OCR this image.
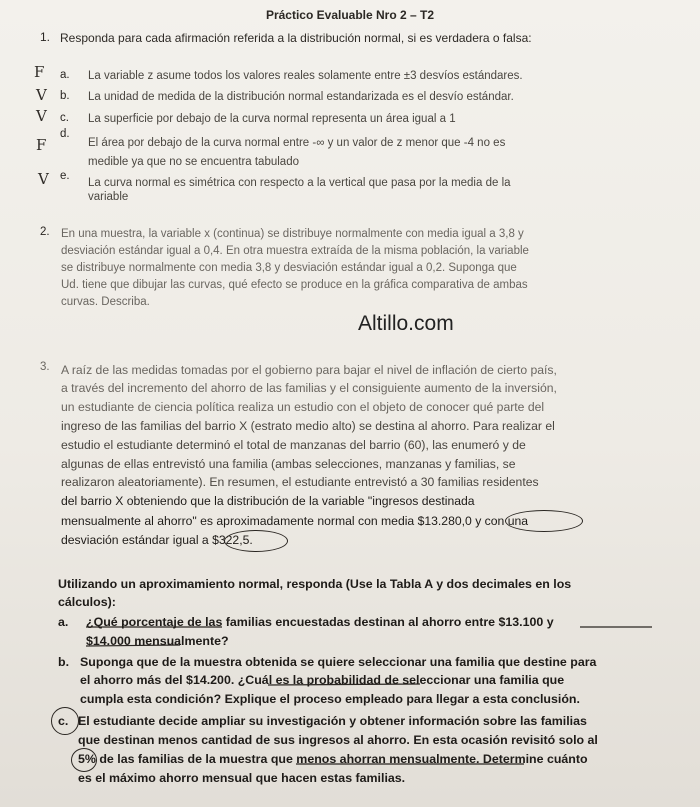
Práctico Evaluable Nro 2 – T2
1. Responda para cada afirmación referida a la distribución normal, si es verdadera o falsa:
F a. La variable z asume todos los valores reales solamente entre ±3 desvíos estándares.
V b. La unidad de medida de la distribución normal estandarizada es el desvío estándar.
V c. La superficie por debajo de la curva normal representa un área igual a 1
F
d.
El área por debajo de la curva normal entre -∞ y un valor de z menor que -4 no es
medible ya que no se encuentra tabulado
V e.
La curva normal es simétrica con respecto a la vertical que pasa por la media de la
variable
2. En una muestra, la variable x (continua) se distribuye normalmente con media igual a 3,8 y
desviación estándar igual a 0,4. En otra muestra extraída de la misma población, la variable
se distribuye normalmente con media 3,8 y desviación estándar igual a 0,2. Suponga que
Ud. tiene que dibujar las curvas, qué efecto se produce en la gráfica comparativa de ambas
curvas. Describa.
Altillo.com
3. A raíz de las medidas tomadas por el gobierno para bajar el nivel de inflación de cierto país,
a través del incremento del ahorro de las familias y el consiguiente aumento de la inversión,
un estudiante de ciencia política realiza un estudio con el objeto de conocer qué parte del
ingreso de las familias del barrio X (estrato medio alto) se destina al ahorro. Para realizar el
estudio el estudiante determinó el total de manzanas del barrio (60), las enumeró y de
algunas de ellas entrevistó una familia (ambas selecciones, manzanas y familias, se
realizaron aleatoriamente). En resumen, el estudiante entrevistó a 30 familias residentes
del barrio X obteniendo que la distribución de la variable "ingresos destinada
mensualmente al ahorro" es aproximadamente normal con media $13.280,0 y con una
desviación estándar igual a $322,5.
Utilizando un aproximamiento normal, responda (Use la Tabla A y dos decimales en los
cálculos):
a. ¿Qué porcentaje de las familias encuestadas destinan al ahorro entre $13.100 y
$14.000 mensualmente?
b. Suponga que de la muestra obtenida se quiere seleccionar una familia que destine para
el ahorro más del $14.200. ¿Cuál es la probabilidad de seleccionar una familia que
cumpla esta condición? Explique el proceso empleado para llegar a esta conclusión.
c. El estudiante decide ampliar su investigación y obtener información sobre las familias
que destinan menos cantidad de sus ingresos al ahorro. En esta ocasión revisitó solo al
5% de las familias de la muestra que menos ahorran mensualmente. Determine cuánto
es el máximo ahorro mensual que hacen estas familias.
